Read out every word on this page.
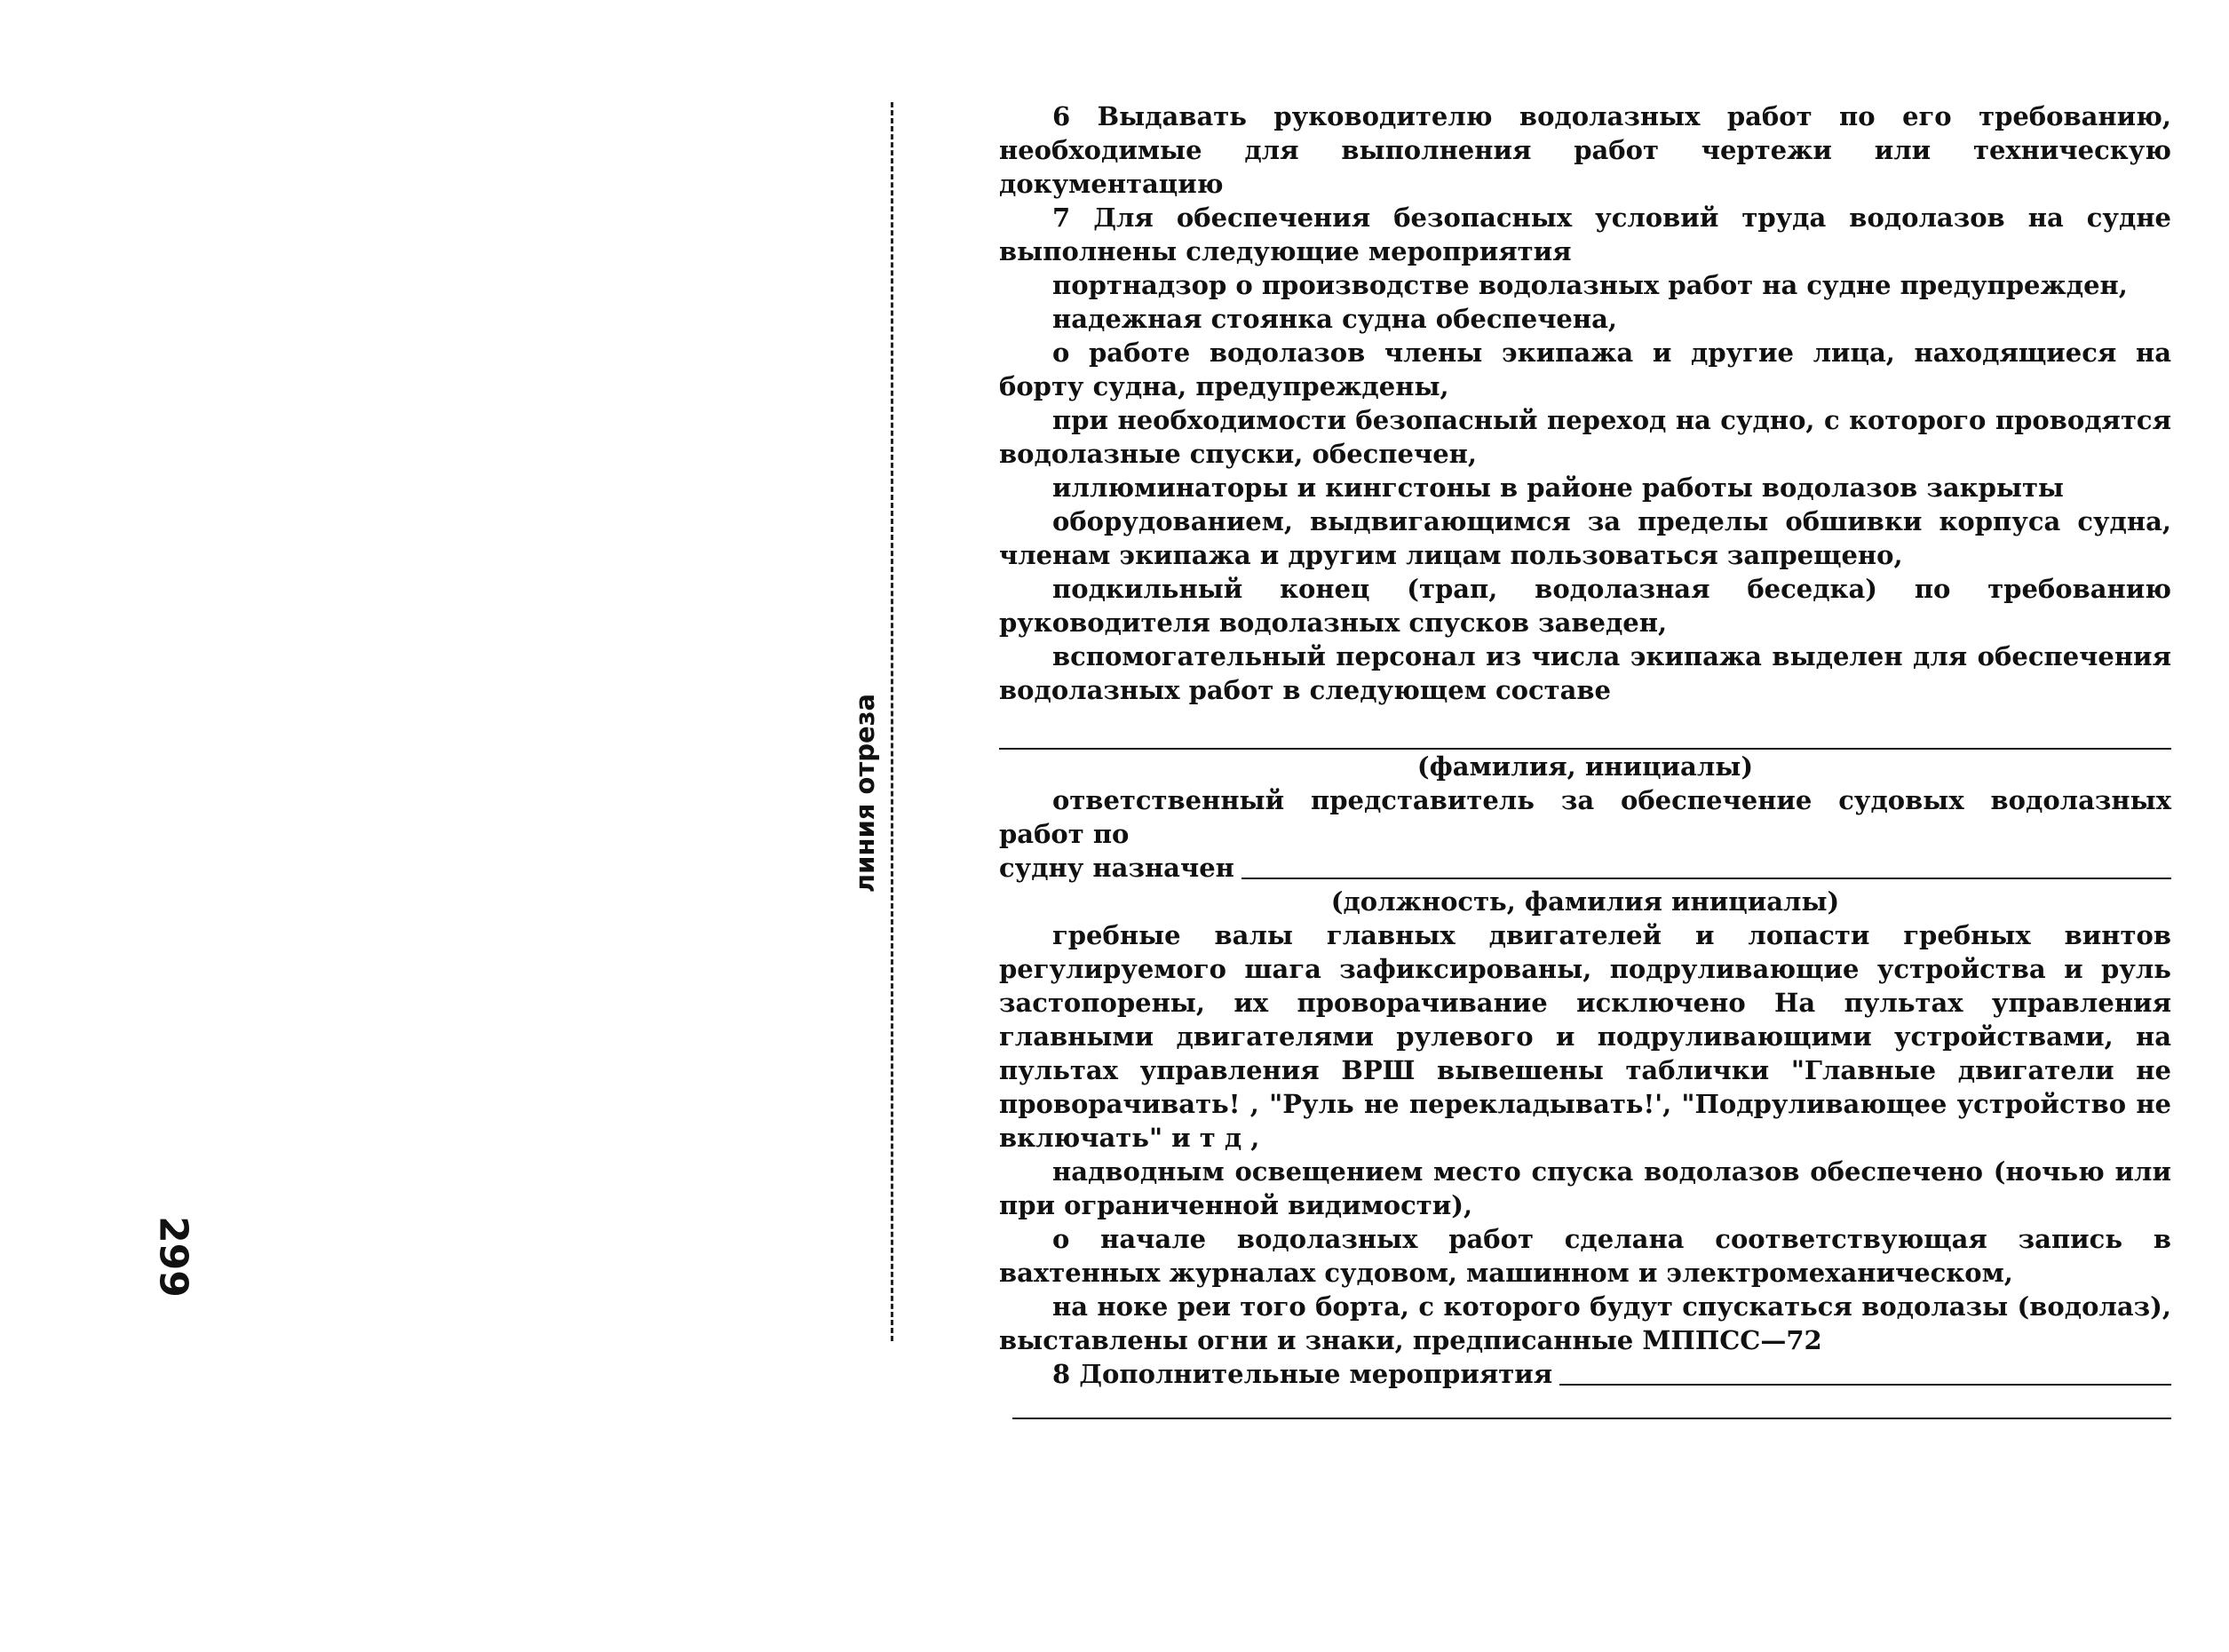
299
линия отреза

6 Выдавать руководителю водолазных работ по его требованию, необходимые для выполнения работ чертежи или техническую документацию

7 Для обеспечения безопасных условий труда водолазов на судне выполнены следующие мероприятия

портнадзор о производстве водолазных работ на судне предупрежден,

надежная стоянка судна обеспечена,

о работе водолазов члены экипажа и другие лица, находящиеся на борту судна, предупреждены,

при необходимости безопасный переход на судно, с которого проводятся водолазные спуски, обеспечен,

иллюминаторы и кингстоны в районе работы водолазов закрыты

оборудованием, выдвигающимся за пределы обшивки корпуса судна, членам экипажа и другим лицам пользоваться запрещено,

подкильный конец (трап, водолазная беседка) по требованию руководителя водолазных спусков заведен,

вспомогательный персонал из числа экипажа выделен для обеспечения водолазных работ в следующем составе

(фамилия, инициалы)

ответственный представитель за обеспечение судовых водолазных работ по

судну назначен

(должность, фамилия инициалы)

гребные валы главных двигателей и лопасти гребных винтов регулируемого шага зафиксированы, подруливающие устройства и руль застопорены, их проворачивание исключено На пультах управления главными двигателями рулевого и подруливающими устройствами, на пультах управления ВРШ вывешены таблички "Главные двигатели не проворачивать! , "Руль не перекладывать!', "Подруливающее устройство не включать" и т д ,

надводным освещением место спуска водолазов обеспечено (ночью или при ограниченной видимости),

о начале водолазных работ сделана соответствующая запись в вахтенных журналах судовом, машинном и электромеханическом,

на ноке реи того борта, с которого будут спускаться водолазы (водолаз), выставлены огни и знаки, предписанные МППСС—72

8 Дополнительные мероприятия
